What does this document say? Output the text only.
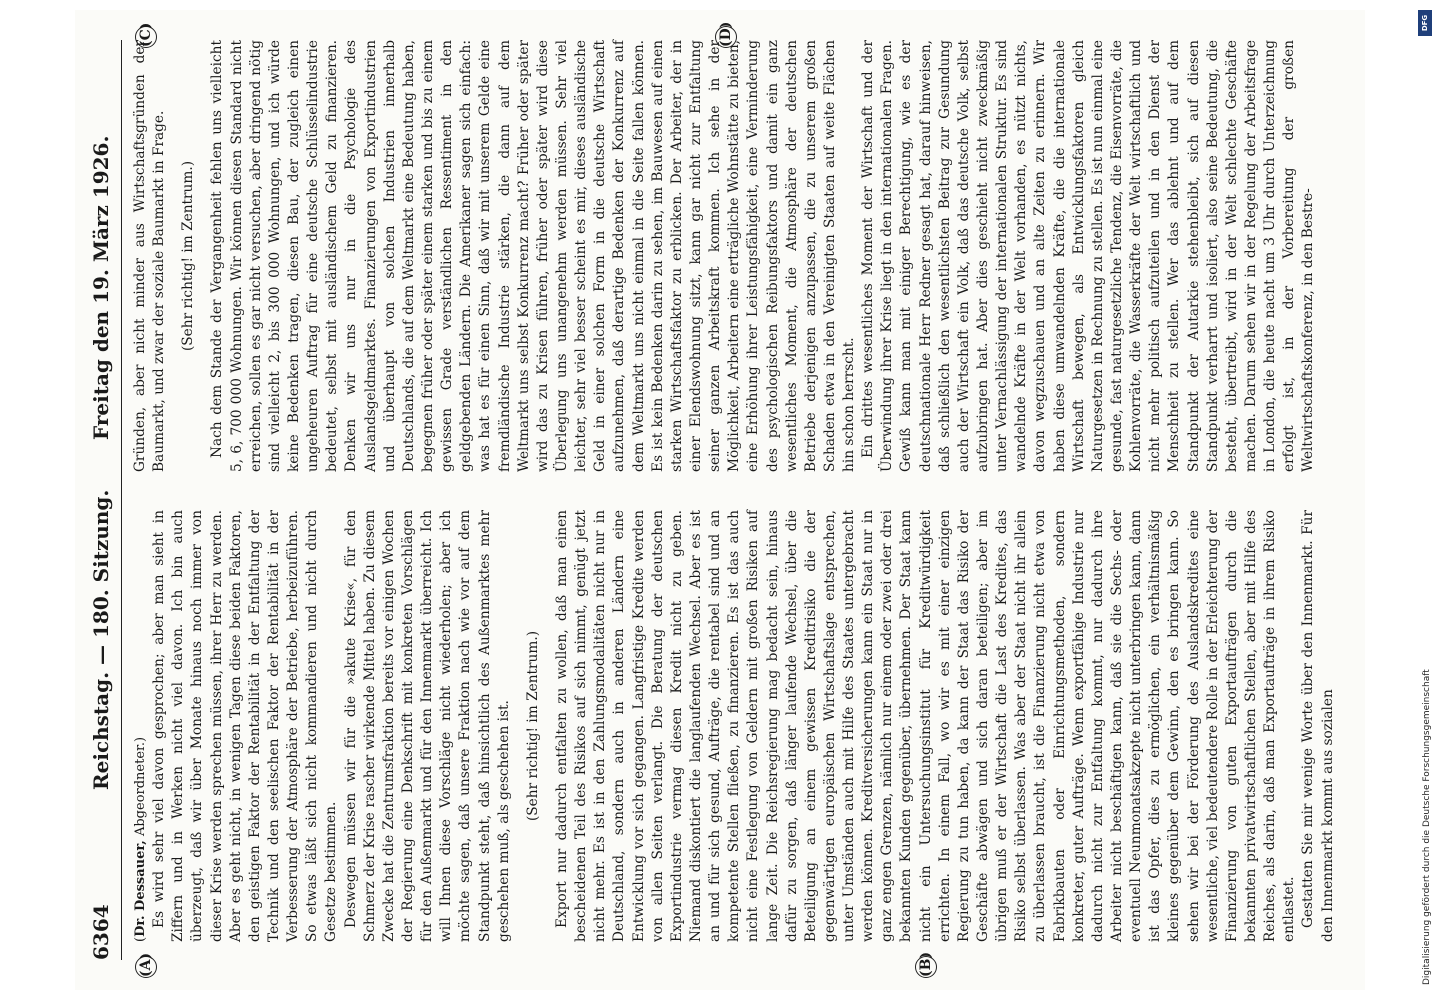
6364
Reichstag. — 180. Sitzung.
Freitag den 19. März 1926.
(A)	(B)
(C)	(D)

(Dr. Dessauer, Abgeordneter.) Es wird sehr viel davon gesprochen; aber man sieht in Ziffern und in Werken nicht viel davon. Ich bin auch überzeugt, daß wir über Monate hinaus noch immer von dieser Krise werden sprechen müssen, ihrer Herr zu werden. Aber es geht nicht, in wenigen Tagen diese beiden Faktoren, den geistigen Faktor der Rentabilität in der Entfaltung der Technik und den seelischen Faktor der Rentabilität in der Verbesserung der Atmosphäre der Betriebe, herbeizuführen. So etwas läßt sich nicht kommandieren und nicht durch Gesetze bestimmen. Deswegen müssen wir für die »akute Krise«, für den Schmerz der Krise rascher wirkende Mittel haben. Zu diesem Zwecke hat die Zentrumsfraktion bereits vor einigen Wochen der Regierung eine Denkschrift mit konkreten Vorschlägen für den Außenmarkt und für den Innenmarkt überreicht. Ich will Ihnen diese Vorschläge nicht wiederholen; aber ich möchte sagen, daß unsere Fraktion nach wie vor auf dem Standpunkt steht, daß hinsichtlich des Außenmarktes mehr geschehen muß, als geschehen ist. (Sehr richtig! im Zentrum.) Export nur dadurch entfalten zu wollen, daß man einen bescheidenen Teil des Risikos auf sich nimmt, genügt jetzt nicht mehr. Es ist in den Zahlungsmodalitäten nicht nur in Deutschland, sondern auch in anderen Ländern eine Entwicklung vor sich gegangen. Langfristige Kredite werden von allen Seiten verlangt. Die Beratung der deutschen Exportindustrie vermag diesen Kredit nicht zu geben. Niemand diskontiert die langlaufenden Wechsel. Aber es ist an und für sich gesund, Aufträge, die rentabel sind und an kompetente Stellen fließen, zu finanzieren. Es ist das auch nicht eine Festlegung von Geldern mit großen Risiken auf lange Zeit. Die Reichsregierung mag bedacht sein, hinaus dafür zu sorgen, daß länger laufende Wechsel, über die Beteiligung an einem gewissen Kreditrisiko die der gegenwärtigen europäischen Wirtschaftslage entsprechen, unter Umständen auch mit Hilfe des Staates untergebracht werden können. Kreditversicherungen kann ein Staat nur in ganz engen Grenzen, nämlich nur einem oder zwei oder drei bekannten Kunden gegenüber, übernehmen. Der Staat kann nicht ein Untersuchungsinstitut für Kreditwürdigkeit errichten. In einem Fall, wo wir es mit einer einzigen Regierung zu tun haben, da kann der Staat das Risiko der Geschäfte abwägen und sich daran beteiligen; aber im übrigen muß er der Wirtschaft die Last des Kredites, das Risiko selbst überlassen. Was aber der Staat nicht ihr allein zu überlassen braucht, ist die Finanzierung nicht etwa von Fabrikbauten oder Einrichtungsmethoden, sondern konkreter, guter Aufträge. Wenn exportfähige Industrie nur dadurch nicht zur Entfaltung kommt, nur dadurch ihre Arbeiter nicht beschäftigen kann, daß sie die Sechs- oder eventuell Neunmonatsakzepte nicht unterbringen kann, dann ist das Opfer, dies zu ermöglichen, ein verhältnismäßig kleines gegenüber dem Gewinn, den es bringen kann. So sehen wir bei der Förderung des Auslandskredites eine wesentliche, viel bedeutendere Rolle in der Erleichterung der Finanzierung von guten Exportaufträgen durch die bekannten privatwirtschaftlichen Stellen, aber mit Hilfe des Reiches, als darin, daß man Exportaufträge in ihrem Risiko entlastet. Gestatten Sie mir wenige Worte über den Innenmarkt. Für den Innenmarkt kommt aus sozialen

Gründen, aber nicht minder aus Wirtschaftsgründen der Baumarkt, und zwar der soziale Baumarkt in Frage. (Sehr richtig! im Zentrum.) Nach dem Stande der Vergangenheit fehlen uns vielleicht 5, 6, 700 000 Wohnungen. Wir können diesen Standard nicht erreichen, sollen es gar nicht versuchen, aber dringend nötig sind vielleicht 2, bis 300 000 Wohnungen, und ich würde keine Bedenken tragen, diesen Bau, der zugleich einen ungeheuren Auftrag für eine deutsche Schlüsselindustrie bedeutet, selbst mit ausländischem Geld zu finanzieren. Denken wir uns nur in die Psychologie des Auslandsgeldmarktes. Finanzierungen von Exportindustrien und überhaupt von solchen Industrien innerhalb Deutschlands, die auf dem Weltmarkt eine Bedeutung haben, begegnen früher oder später einem starken und bis zu einem gewissen Grade verständlichen Ressentiment in den geldgebenden Ländern. Die Amerikaner sagen sich einfach: was hat es für einen Sinn, daß wir mit unserem Gelde eine fremdländische Industrie stärken, die dann auf dem Weltmarkt uns selbst Konkurrenz macht? Früher oder später wird das zu Krisen führen, früher oder später wird diese Überlegung uns unangenehm werden müssen. Sehr viel leichter, sehr viel besser scheint es mir, dieses ausländische Geld in einer solchen Form in die deutsche Wirtschaft aufzunehmen, daß derartige Bedenken der Konkurrenz auf dem Weltmarkt uns nicht einmal in die Seite fallen können. Es ist kein Bedenken darin zu sehen, im Bauwesen auf einen starken Wirtschaftsfaktor zu erblicken. Der Arbeiter, der in einer Elendswohnung sitzt, kann gar nicht zur Entfaltung seiner ganzen Arbeitskraft kommen. Ich sehe in der Möglichkeit, Arbeitern eine erträgliche Wohnstätte zu bieten, eine Erhöhung ihrer Leistungsfähigkeit, eine Verminderung des psychologischen Reibungsfaktors und damit ein ganz wesentliches Moment, die Atmosphäre der deutschen Betriebe derjenigen anzupassen, die zu unserem großen Schaden etwa in den Vereinigten Staaten auf weite Flächen hin schon herrscht. Ein drittes wesentliches Moment der Wirtschaft und der Überwindung ihrer Krise liegt in den internationalen Fragen. Gewiß kann man mit einiger Berechtigung, wie es der deutschnationale Herr Redner gesagt hat, darauf hinweisen, daß schließlich den wesentlichsten Beitrag zur Gesundung auch der Wirtschaft ein Volk, daß das deutsche Volk, selbst aufzubringen hat. Aber dies geschieht nicht zweckmäßig unter Vernachlässigung der internationalen Struktur. Es sind wandelnde Kräfte in der Welt vorhanden, es nützt nichts, davon wegzuschauen und an alte Zeiten zu erinnern. Wir haben diese umwandelnden Kräfte, die die internationale Wirtschaft bewegen, als Entwicklungsfaktoren gleich Naturgesetzen in Rechnung zu stellen. Es ist nun einmal eine gesunde, fast naturgesetzliche Tendenz, die Eisenvorräte, die Kohlenvorräte, die Wasserkräfte der Welt wirtschaftlich und nicht mehr politisch aufzuteilen und in den Dienst der Menschheit zu stellen. Wer das ablehnt und auf dem Standpunkt der Autarkie stehenbleibt, sich auf diesen Standpunkt verharrt und isoliert, also seine Bedeutung, die besteht, übertreibt, wird in der Welt schlechte Geschäfte machen. Darum sehen wir in der Regelung der Arbeitsfrage in London, die heute nacht um 3 Uhr durch Unterzeichnung erfolgt ist, in der Vorbereitung der großen Weltwirtschaftskonferenz, in den Bestre-

Digitalisierung gefördert durch die Deutsche Forschungsgemeinschaft
DFG
